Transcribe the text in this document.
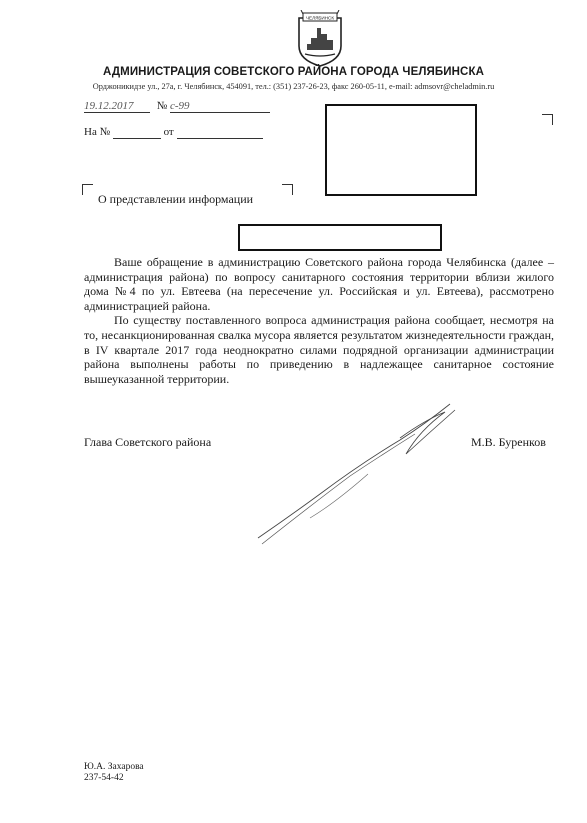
ЧЕЛЯБИНСК
АДМИНИСТРАЦИЯ СОВЕТСКОГО РАЙОНА ГОРОДА ЧЕЛЯБИНСКА
Орджоникидзе ул., 27а, г. Челябинск, 454091, тел.: (351) 237-26-23, факс 260-05-11, e-mail: admsovr@cheladmin.ru
19.12.2017 № с-99
На №	от
О представлении информации

Ваше обращение в администрацию Советского района города Челябинска (далее – администрация района) по вопросу санитарного состояния территории вблизи жилого дома №4 по ул. Евтеева (на пересечение ул. Российская и ул. Евтеева), рассмотрено администрацией района.

По существу поставленного вопроса администрация района сообщает, несмотря на то, несанкционированная свалка мусора является результатом жизнедеятельности граждан, в IV квартале 2017 года неоднократно силами подрядной организации администрации района выполнены работы по приведению в надлежащее санитарное состояние вышеуказанной территории.

Глава Советского района	М.В. Буренков
Ю.А. Захарова
237-54-42
